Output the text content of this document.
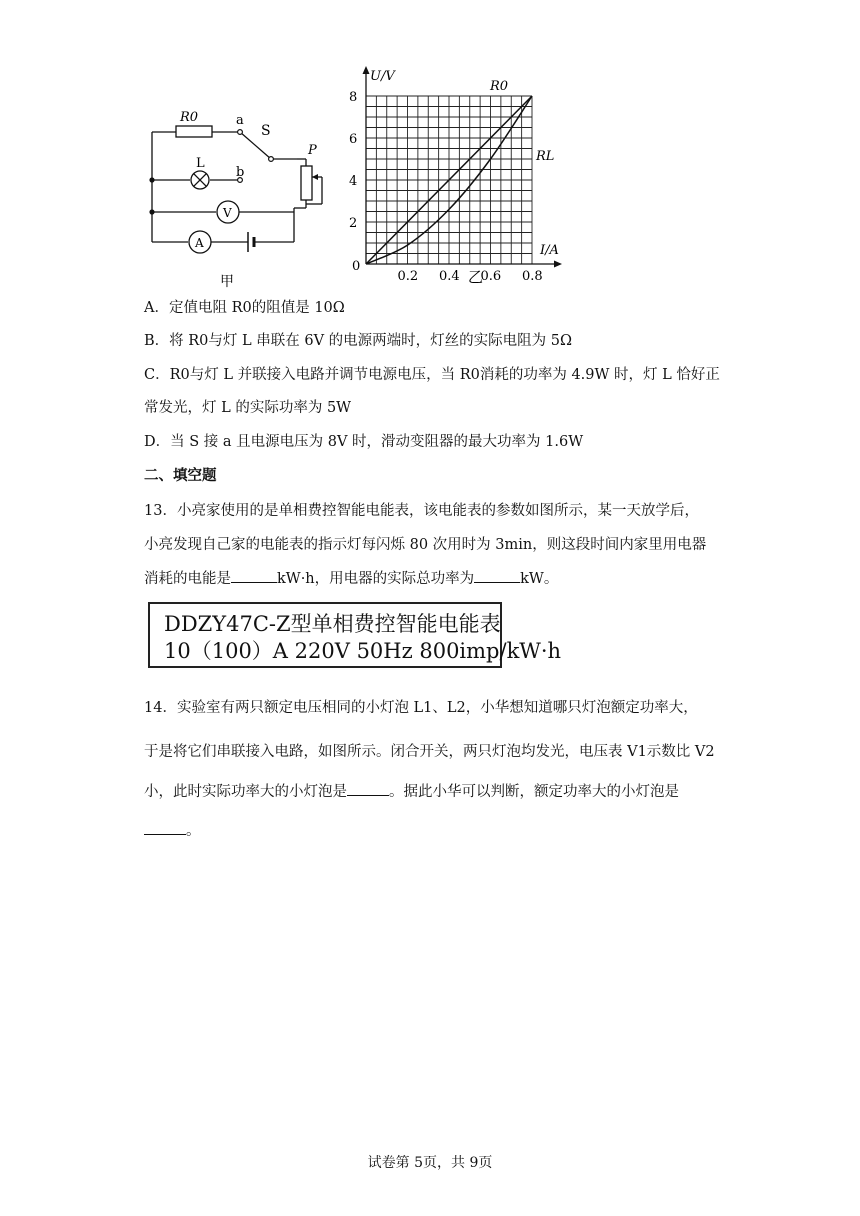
R0	a
S
L
b
P
V
A
甲	0.2 0.4 0.6 0.8
2
4
6
8
0
U/V
I/A
R0
RL
乙
A．定值电阻 R0的阻值是 10Ω
B．将 R0与灯 L 串联在 6V 的电源两端时，灯丝的实际电阻为 5Ω
C．R0与灯 L 并联接入电路并调节电源电压，当 R0消耗的功率为 4.9W 时，灯 L 恰好正
常发光，灯 L 的实际功率为 5W
D．当 S 接 a 且电源电压为 8V 时，滑动变阻器的最大功率为 1.6W
二、填空题
13．小亮家使用的是单相费控智能电能表，该电能表的参数如图所示，某一天放学后，
小亮发现自己家的电能表的指示灯每闪烁 80 次用时为 3min，则这段时间内家里用电器
消耗的电能是	kW·h，用电器的实际总功率为	kW。
DDZY47C-Z型单相费控智能电能表
10（100）A 220V 50Hz 800imp/kW·h
14．实验室有两只额定电压相同的小灯泡 L1、L2，小华想知道哪只灯泡额定功率大，
于是将它们串联接入电路，如图所示。闭合开关，两只灯泡均发光，电压表 V1示数比 V2
小，此时实际功率大的小灯泡是	。据此小华可以判断，额定功率大的小灯泡是
。
试卷第 5页，共 9页
